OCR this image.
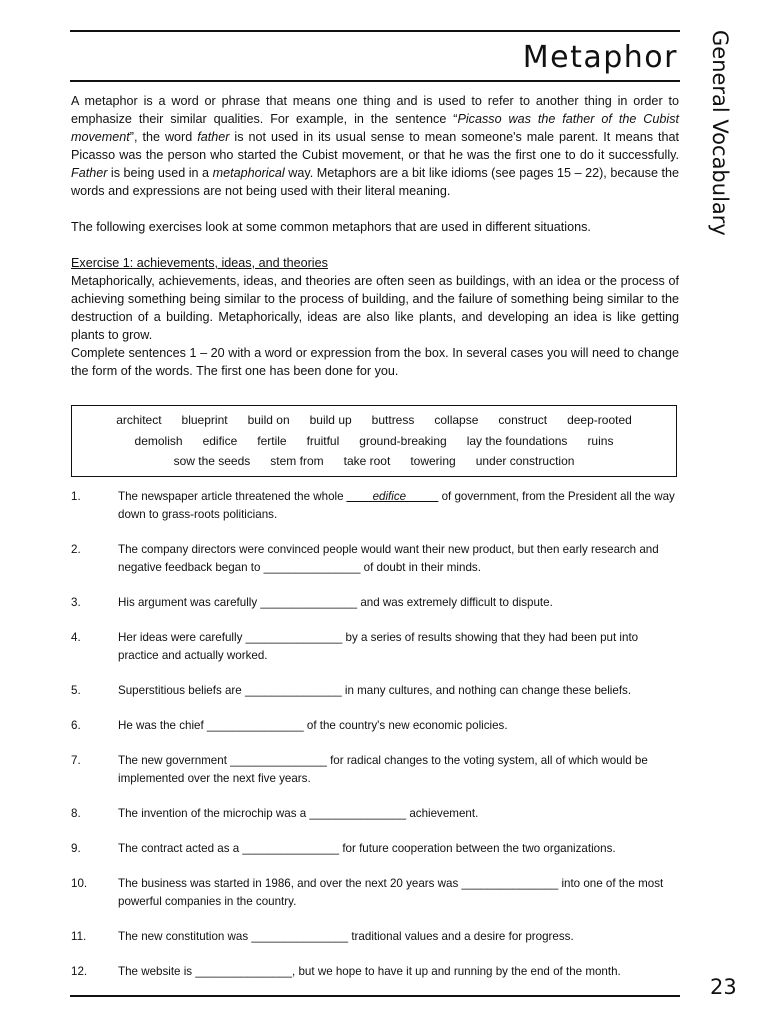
Metaphor General Vocabulary

A metaphor is a word or phrase that means one thing and is used to refer to another thing in order to emphasize their similar qualities. For example, in the sentence “Picasso was the father of the Cubist movement”, the word father is not used in its usual sense to mean someone's male parent. It means that Picasso was the person who started the Cubist movement, or that he was the first one to do it successfully. Father is being used in a metaphorical way. Metaphors are a bit like idioms (see pages 15 – 22), because the words and expressions are not being used with their literal meaning.

The following exercises look at some common metaphors that are used in different situations.

Exercise 1: achievements, ideas, and theories

Metaphorically, achievements, ideas, and theories are often seen as buildings, with an idea or the process of achieving something being similar to the process of building, and the failure of something being similar to the destruction of a building. Metaphorically, ideas are also like plants, and developing an idea is like getting plants to grow.

Complete sentences 1 – 20 with a word or expression from the box. In several cases you will need to change the form of the words. The first one has been done for you.

architect blueprint build on build up buttress collapse construct deep-rooted
demolish edifice fertile fruitful ground-breaking lay the foundations ruins
sow the seeds stem from take root towering under construction
1.	The newspaper article threatened the whole ____edifice_____ of government, from the President all the way down to grass-roots politicians.
2.	The company directors were convinced people would want their new product, but then early research and negative feedback began to _______________ of doubt in their minds.
3.	His argument was carefully _______________ and was extremely difficult to dispute.
4.	Her ideas were carefully _______________ by a series of results showing that they had been put into practice and actually worked.
5.	Superstitious beliefs are _______________ in many cultures, and nothing can change these beliefs.
6.	He was the chief _______________ of the country's new economic policies.
7.	The new government _______________ for radical changes to the voting system, all of which would be implemented over the next five years.
8.	The invention of the microchip was a _______________ achievement.
9.	The contract acted as a _______________ for future cooperation between the two organizations.
10.	The business was started in 1986, and over the next 20 years was _______________ into one of the most powerful companies in the country.
11.	The new constitution was _______________ traditional values and a desire for progress.
12.	The website is _______________, but we hope to have it up and running by the end of the month.
23
